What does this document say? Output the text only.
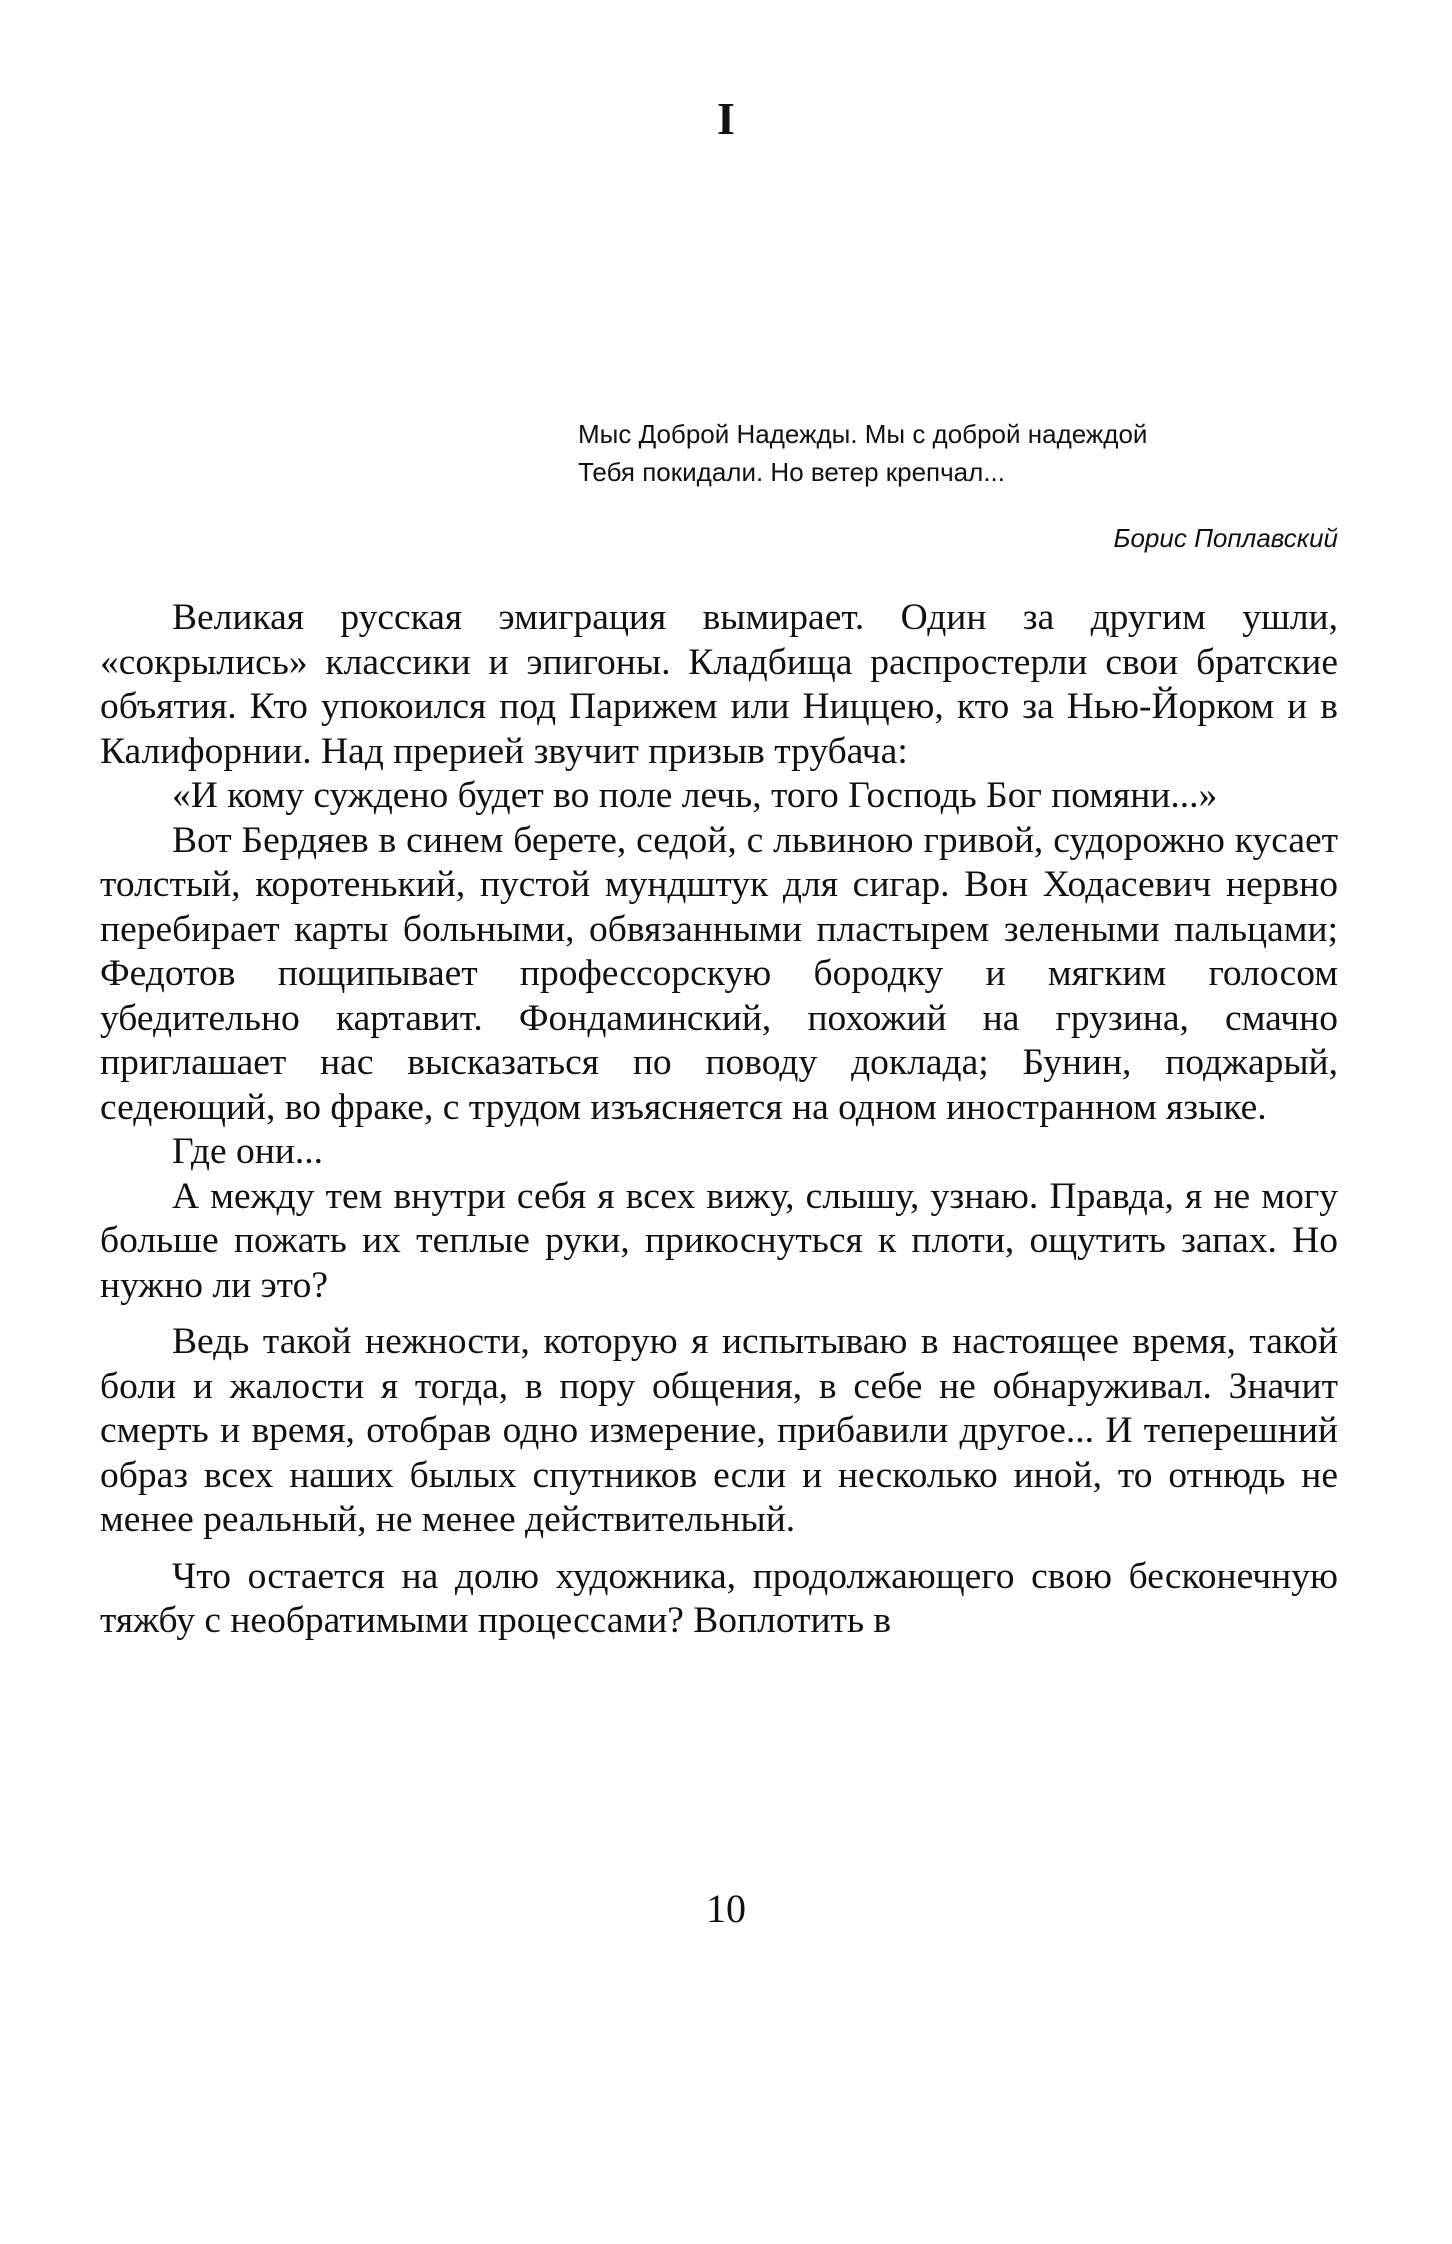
I
Мыс Доброй Надежды. Мы с доброй надеждой
Тебя покидали. Но ветер крепчал...
Борис Поплавский

Великая русская эмиграция вымирает. Один за другим ушли, «сокрылись» классики и эпигоны. Кладбища распростерли свои братские объятия. Кто упокоился под Парижем или Ниццею, кто за Нью-Йорком и в Калифорнии. Над прерией звучит призыв трубача:

«И кому суждено будет во поле лечь, того Господь Бог помяни...»

Вот Бердяев в синем берете, седой, с львиною гривой, судорожно кусает толстый, коротенький, пустой мундштук для сигар. Вон Ходасевич нервно перебирает карты больными, обвязанными пластырем зелеными пальцами; Федотов пощипывает профессорскую бородку и мягким голосом убедительно картавит. Фондаминский, похожий на грузина, смачно приглашает нас высказаться по поводу доклада; Бунин, поджарый, седеющий, во фраке, с трудом изъясняется на одном иностранном языке.

Где они...

А между тем внутри себя я всех вижу, слышу, узнаю. Правда, я не могу больше пожать их теплые руки, прикоснуться к плоти, ощутить запах. Но нужно ли это?

Ведь такой нежности, которую я испытываю в настоящее время, такой боли и жалости я тогда, в пору общения, в себе не обнаруживал. Значит смерть и время, отобрав одно измерение, прибавили другое... И теперешний образ всех наших былых спутников если и несколько иной, то отнюдь не менее реальный, не менее действительный.

Что остается на долю художника, продолжающего свою бесконечную тяжбу с необратимыми процессами? Воплотить в

10
